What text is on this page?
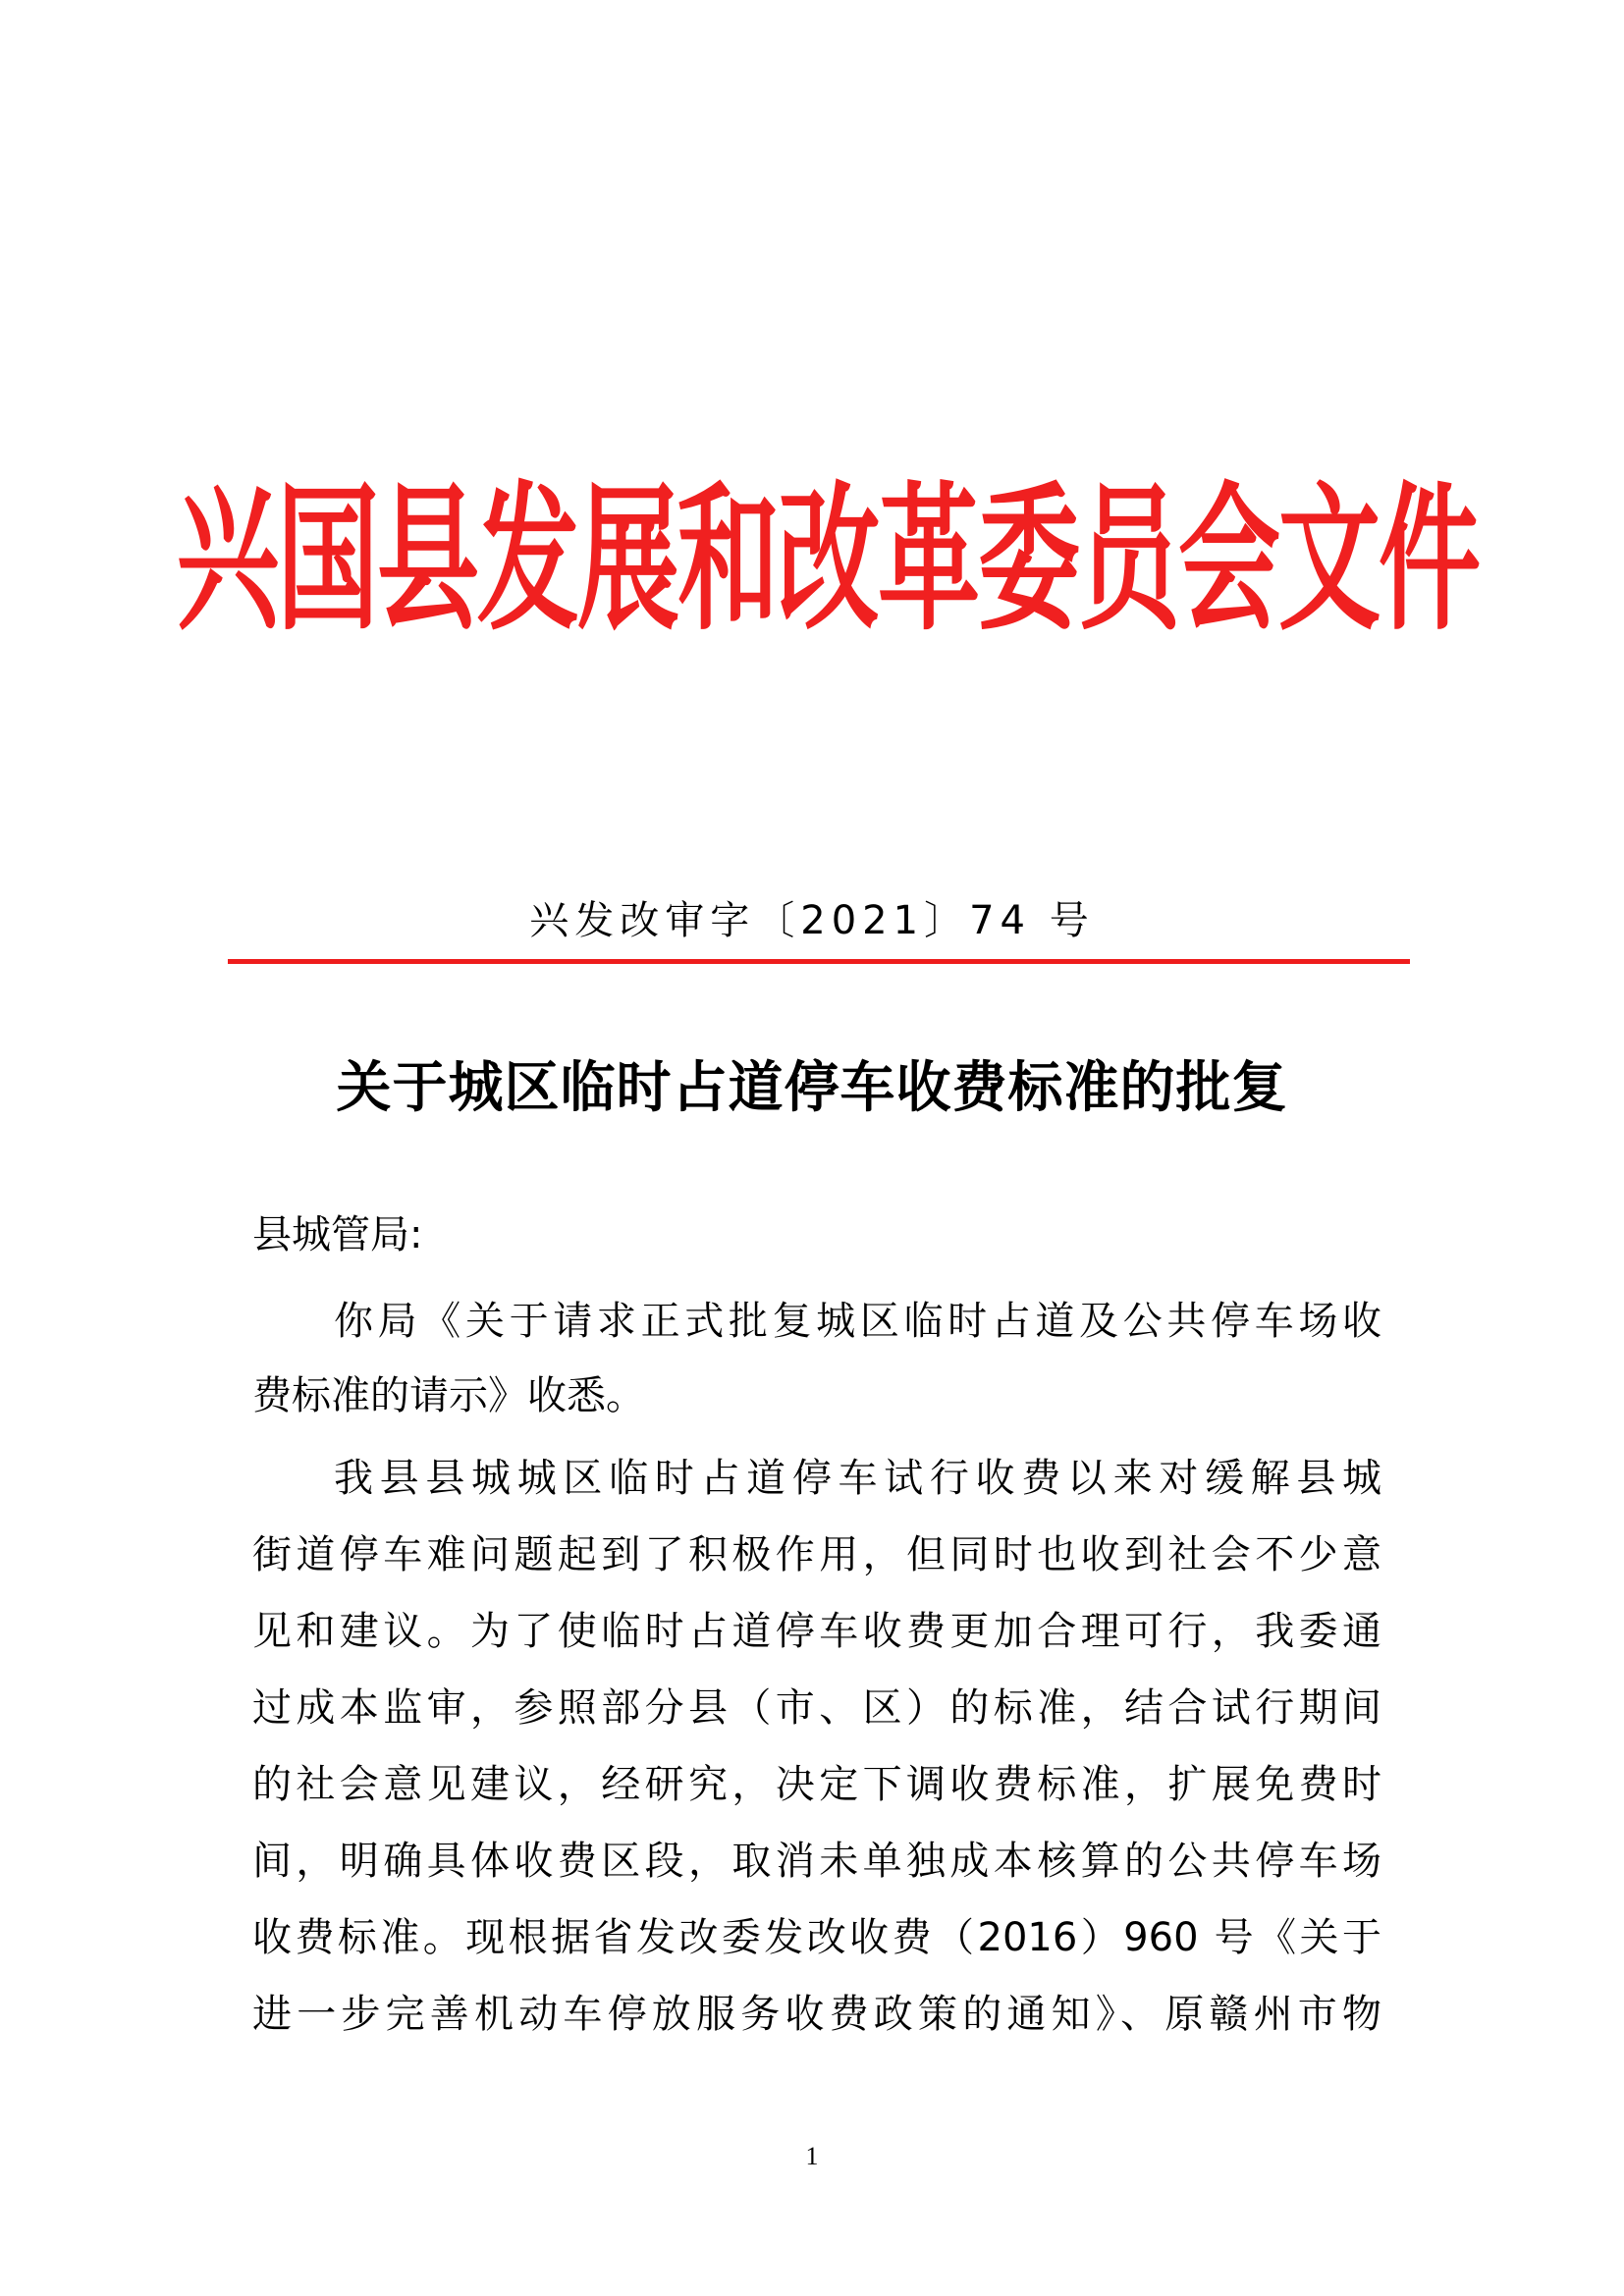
兴国县发展和改革委员会文件
兴发改审字〔2021〕74 号
关于城区临时占道停车收费标准的批复
县城管局:
你局《关于请求正式批复城区临时占道及公共停车场收
费标准的请示》收悉。
我县县城城区临时占道停车试行收费以来对缓解县城
街道停车难问题起到了积极作用，但同时也收到社会不少意
见和建议。为了使临时占道停车收费更加合理可行，我委通
过成本监审，参照部分县（市、区）的标准，结合试行期间
的社会意见建议，经研究，决定下调收费标准，扩展免费时
间，明确具体收费区段，取消未单独成本核算的公共停车场
收费标准。现根据省发改委发改收费（2016）960 号《关于
进一步完善机动车停放服务收费政策的通知》、原赣州市物
1
